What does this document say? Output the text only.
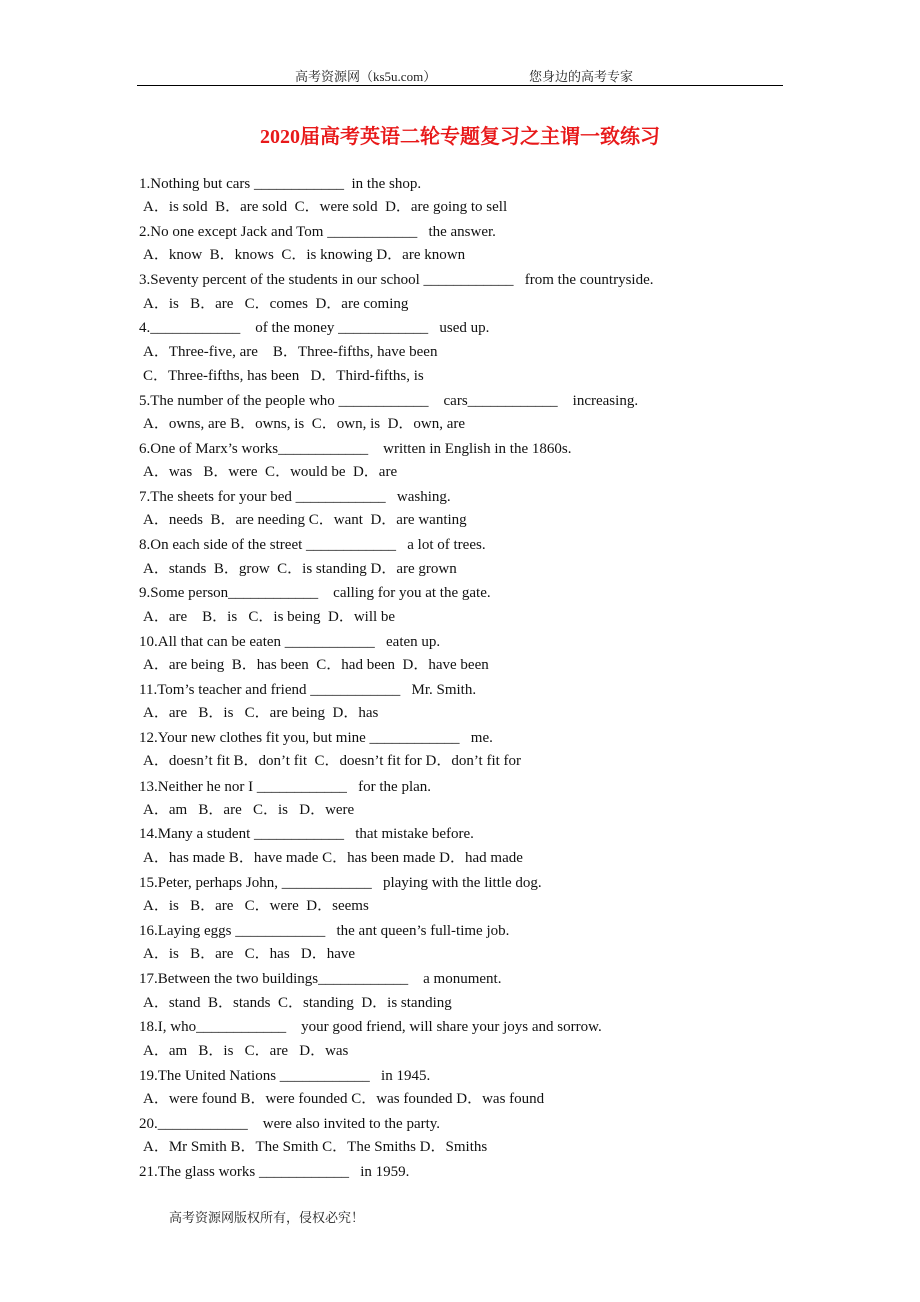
高考资源网（ks5u.com）	您身边的高考专家
2020届高考英语二轮专题复习之主谓一致练习
1.Nothing but cars ____________  in the shop.
A．is sold  B．are sold  C．were sold  D．are going to sell
2.No one except Jack and Tom ____________   the answer.
A．know  B．knows  C．is knowing D．are known
3.Seventy percent of the students in our school ____________   from the countryside.
A．is   B．are   C．comes  D．are coming
4.____________    of the money ____________   used up.
A．Three-five, are    B．Three-fifths, have been
C．Three-fifths, has been   D．Third-fifths, is
5.The number of the people who ____________    cars____________    increasing.
A．owns, are B．owns, is  C．own, is  D．own, are
6.One of Marx’s works____________    written in English in the 1860s.
A．was   B．were  C．would be  D．are
7.The sheets for your bed ____________   washing.
A．needs  B．are needing C．want  D．are wanting
8.On each side of the street ____________   a lot of trees.
A．stands  B．grow  C．is standing D．are grown
9.Some person____________    calling for you at the gate.
A．are    B．is   C．is being  D．will be
10.All that can be eaten ____________   eaten up.
A．are being  B．has been  C．had been  D．have been
11.Tom’s teacher and friend ____________   Mr. Smith.
A．are   B．is   C．are being  D．has
12.Your new clothes fit you, but mine ____________   me.
A．doesn’t fit B．don’t fit  C．doesn’t fit for D．don’t fit for
13.Neither he nor I ____________   for the plan.
A．am   B．are   C．is   D．were
14.Many a student ____________   that mistake before.
A．has made B．have made C．has been made D．had made
15.Peter, perhaps John, ____________   playing with the little dog.
A．is   B．are   C．were  D．seems
16.Laying eggs ____________   the ant queen’s full-time job.
A．is   B．are   C．has   D．have
17.Between the two buildings____________    a monument.
A．stand  B．stands  C．standing  D．is standing
18.I, who____________    your good friend, will share your joys and sorrow.
A．am   B．is   C．are   D．was
19.The United Nations ____________   in 1945.
A．were found B．were founded C．was founded D．was found
20.____________    were also invited to the party.
A．Mr Smith B．The Smith C．The Smiths D．Smiths
21.The glass works ____________   in 1959.
高考资源网版权所有，侵权必究！
